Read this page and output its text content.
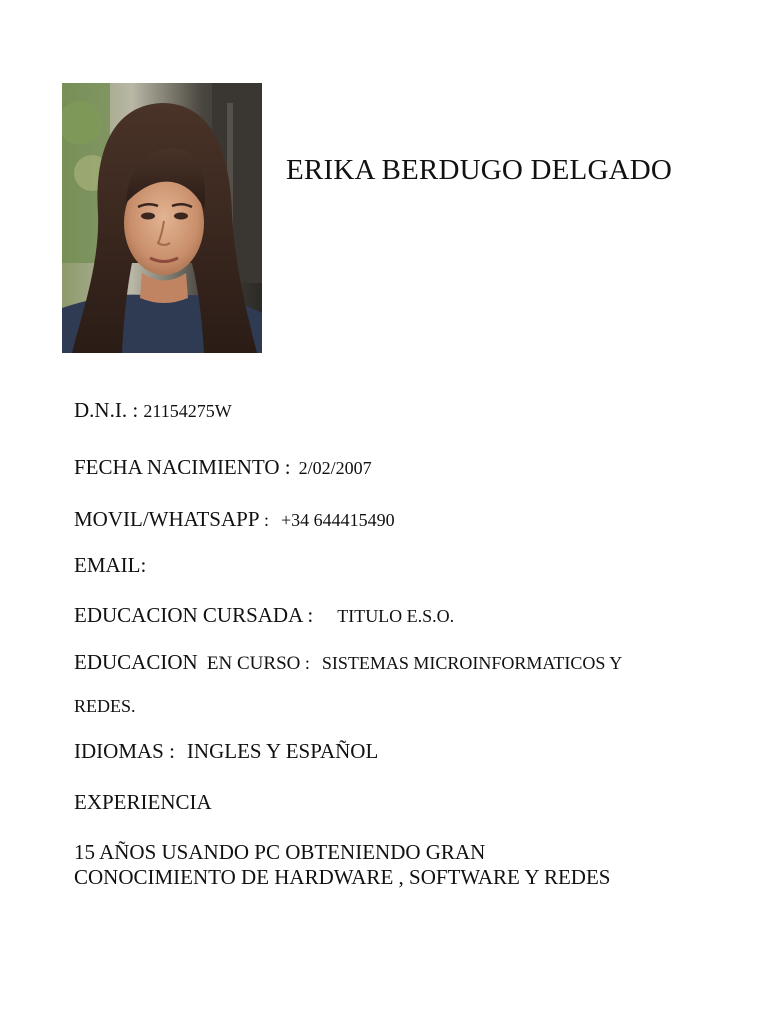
ERIKA BERDUGO DELGADO
D.N.I. : 21154275W
FECHA NACIMIENTO : 2/02/2007
MOVIL/WHATSAPP : +34 644415490
EMAIL:
EDUCACION CURSADA : TITULO E.S.O.
EDUCACION  EN CURSO : SISTEMAS MICROINFORMATICOS Y
REDES.
IDIOMAS : INGLES Y ESPAÑOL
EXPERIENCIA
15 AÑOS USANDO PC OBTENIENDO GRAN
CONOCIMIENTO DE HARDWARE , SOFTWARE Y REDES
